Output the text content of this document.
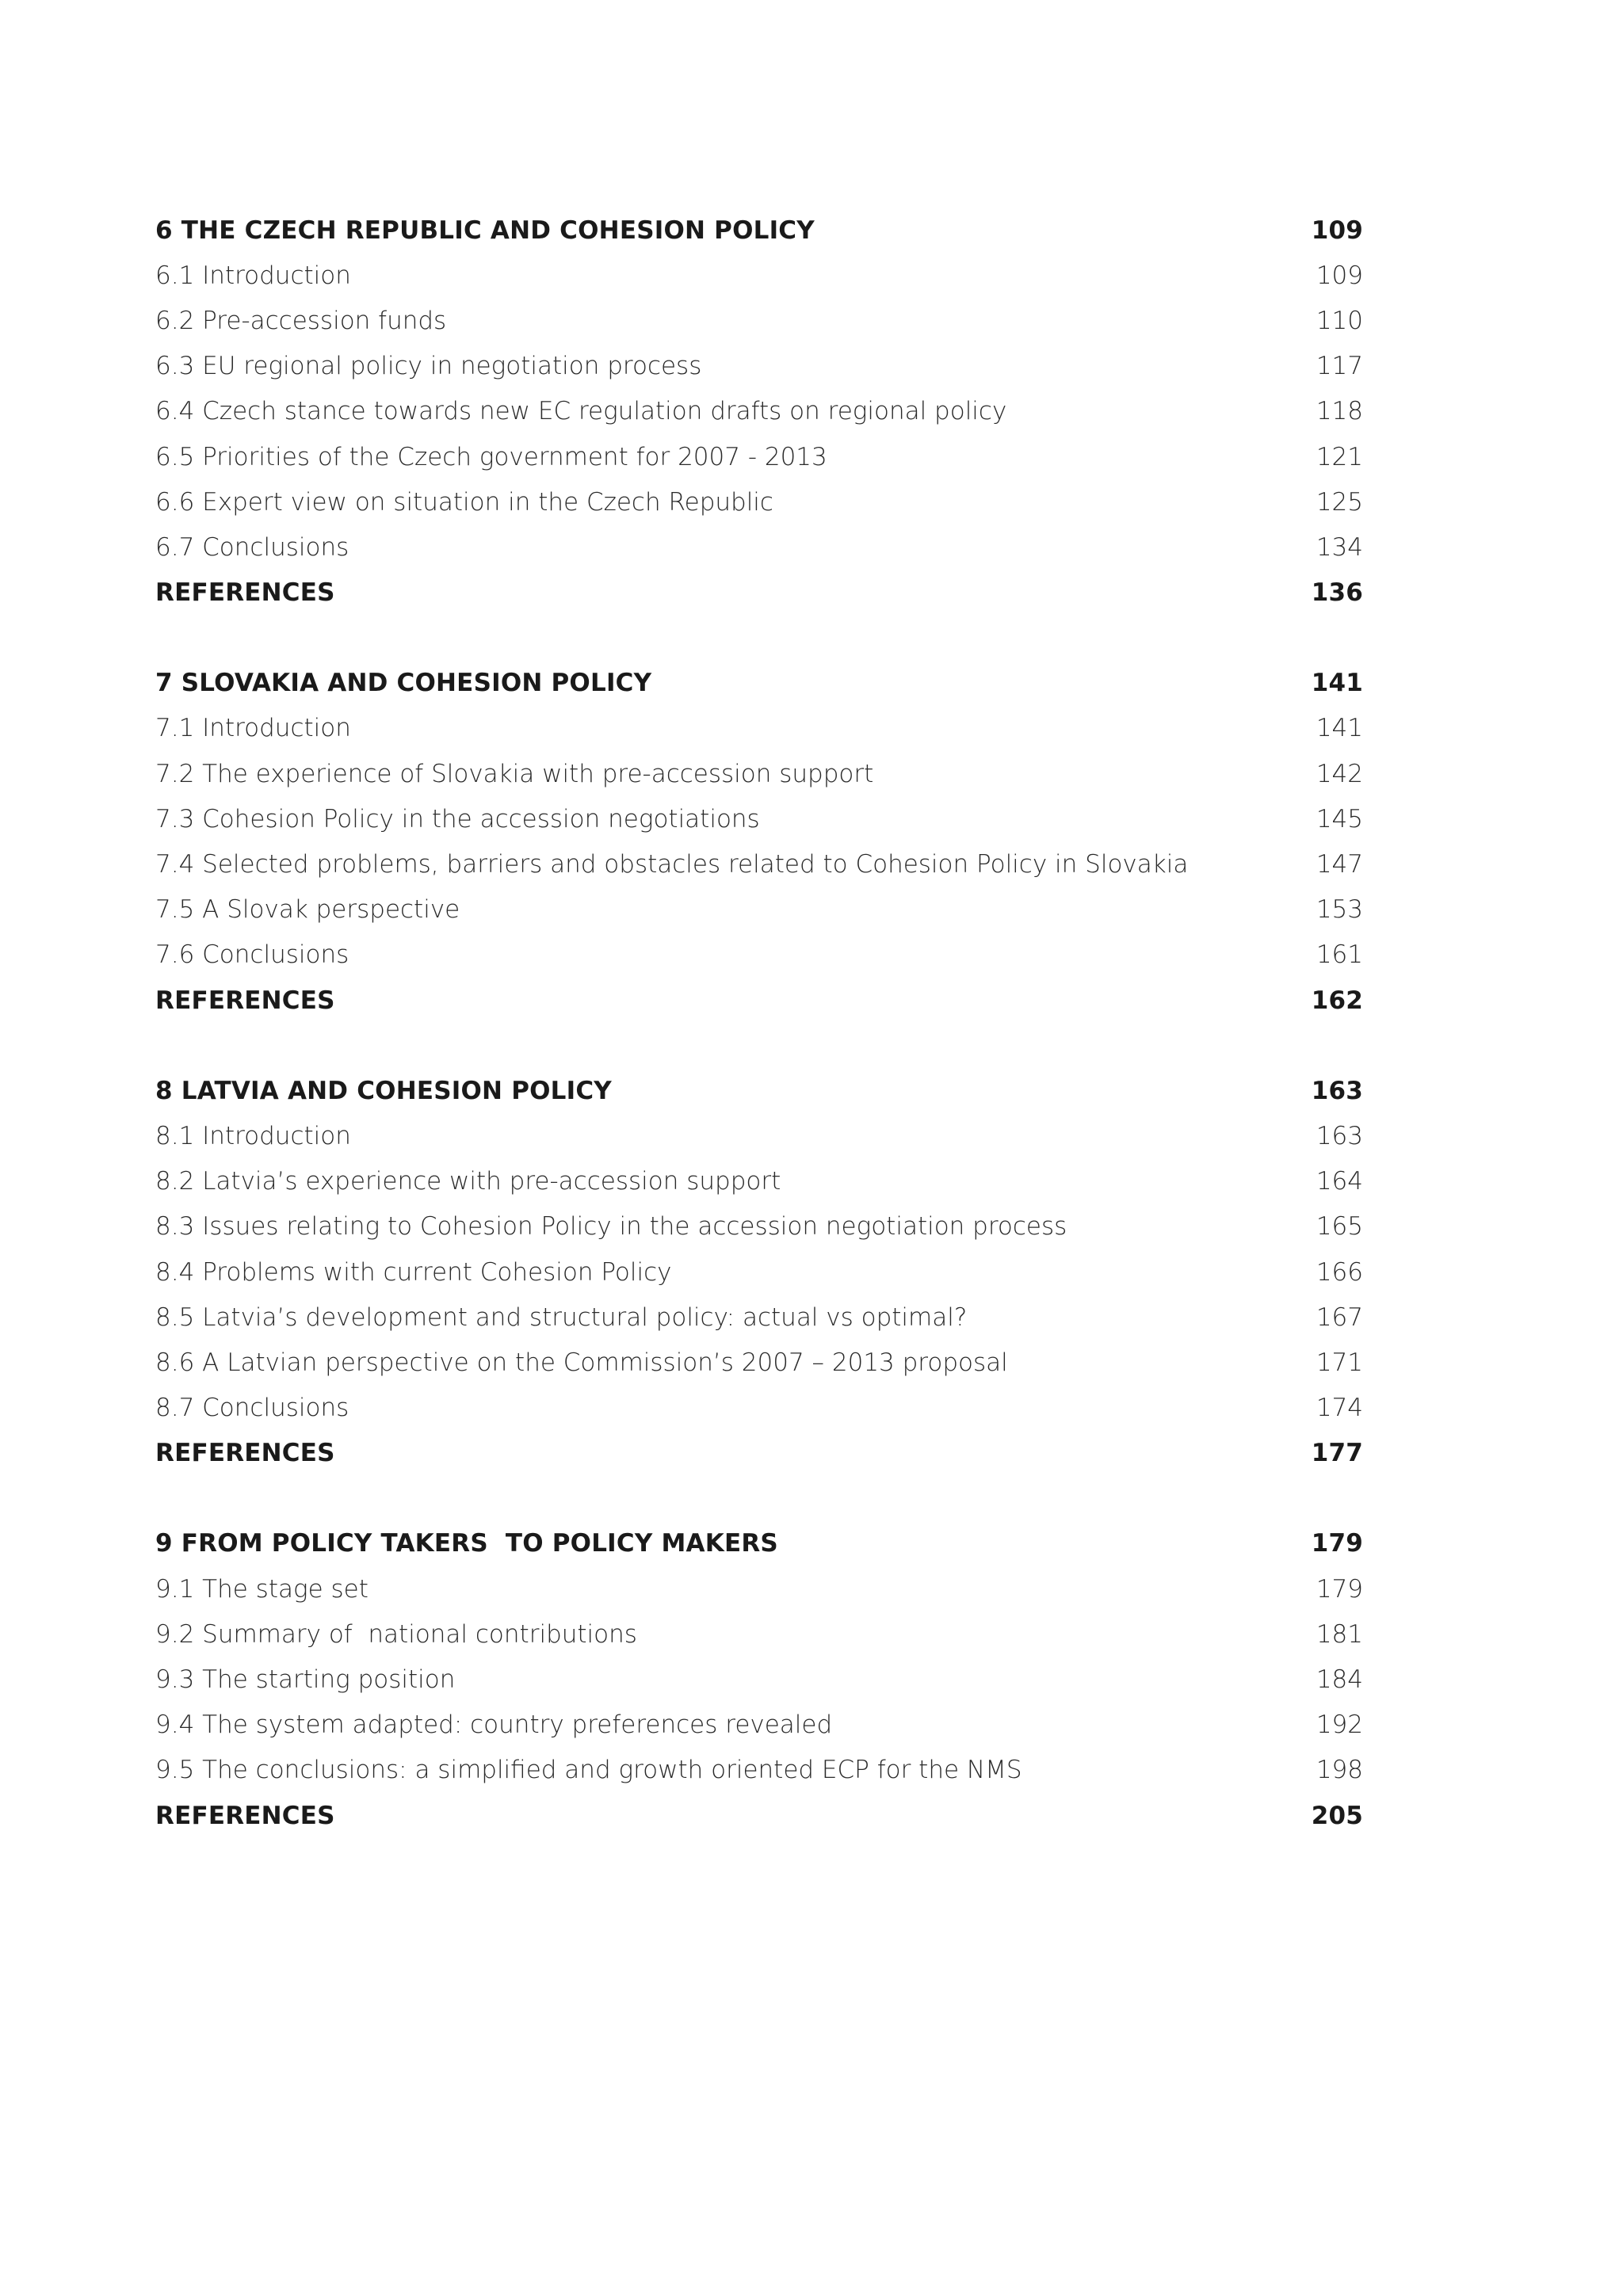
6 THE CZECH REPUBLIC AND COHESION POLICY	109
6.1 Introduction	109
6.2 Pre-accession funds	110
6.3 EU regional policy in negotiation process	117
6.4 Czech stance towards new EC regulation drafts on regional policy	118
6.5 Priorities of the Czech government for 2007 - 2013	121
6.6 Expert view on situation in the Czech Republic	125
6.7 Conclusions	134
REFERENCES	136
7 SLOVAKIA AND COHESION POLICY	141
7.1 Introduction	141
7.2 The experience of Slovakia with pre-accession support	142
7.3 Cohesion Policy in the accession negotiations	145
7.4 Selected problems, barriers and obstacles related to Cohesion Policy in Slovakia	147
7.5 A Slovak perspective	153
7.6 Conclusions	161
REFERENCES	162
8 LATVIA AND COHESION POLICY	163
8.1 Introduction	163
8.2 Latvia’s experience with pre-accession support	164
8.3 Issues relating to Cohesion Policy in the accession negotiation process	165
8.4 Problems with current Cohesion Policy	166
8.5 Latvia’s development and structural policy: actual vs optimal?	167
8.6 A Latvian perspective on the Commission’s 2007 – 2013 proposal	171
8.7 Conclusions	174
REFERENCES	177
9 FROM POLICY TAKERS  TO POLICY MAKERS	179
9.1 The stage set	179
9.2 Summary of  national contributions	181
9.3 The starting position	184
9.4 The system adapted: country preferences revealed	192
9.5 The conclusions: a simplified and growth oriented ECP for the NMS	198
REFERENCES	205
